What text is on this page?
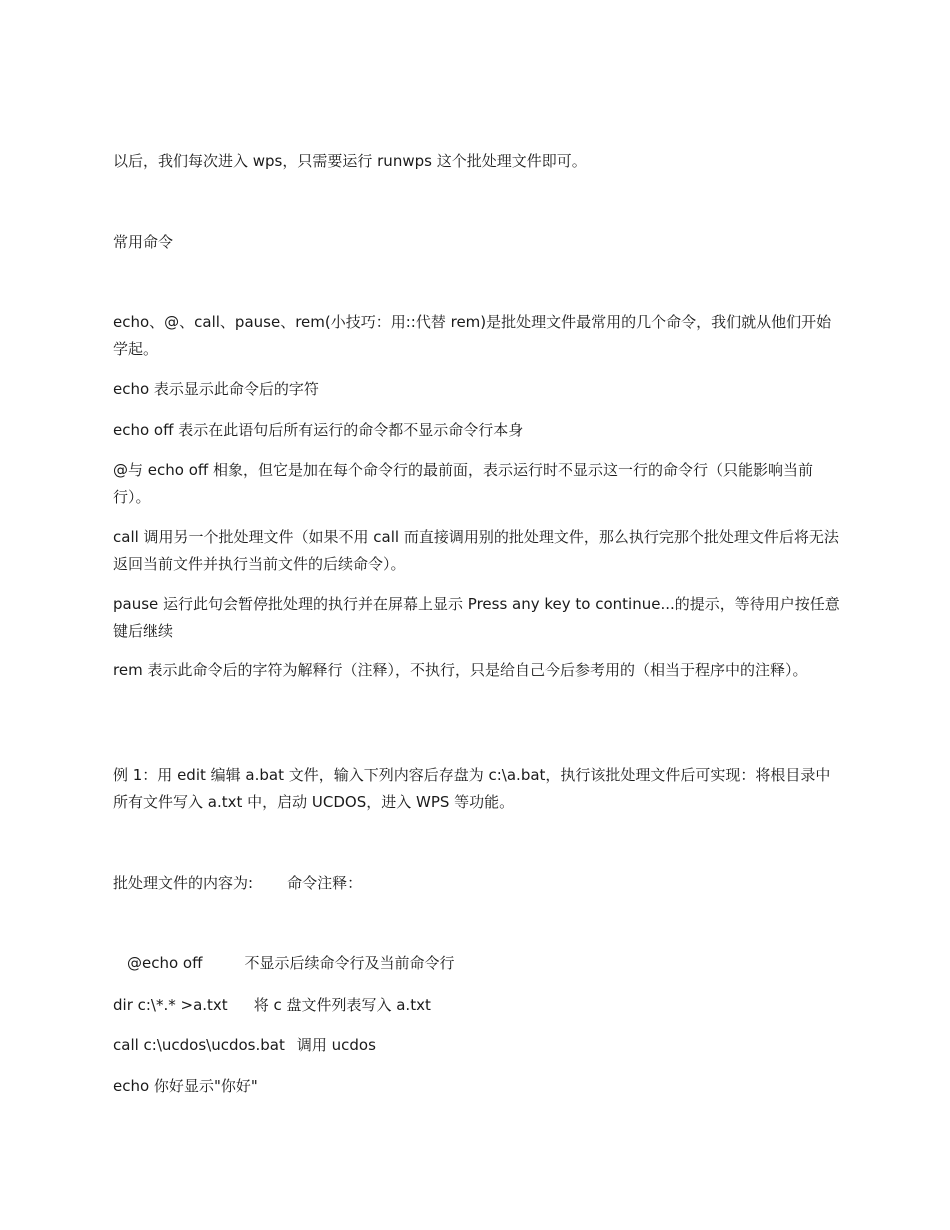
以后，我们每次进入 wps，只需要运行 runwps 这个批处理文件即可。
常用命令
echo、@、call、pause、rem(小技巧：用::代替 rem)是批处理文件最常用的几个命令，我们就从他们开始学起。
echo 表示显示此命令后的字符
echo off 表示在此语句后所有运行的命令都不显示命令行本身
@与 echo off 相象，但它是加在每个命令行的最前面，表示运行时不显示这一行的命令行（只能影响当前行）。
call 调用另一个批处理文件（如果不用 call 而直接调用别的批处理文件，那么执行完那个批处理文件后将无法返回当前文件并执行当前文件的后续命令）。
pause 运行此句会暂停批处理的执行并在屏幕上显示 Press any key to continue...的提示，等待用户按任意键后继续
rem 表示此命令后的字符为解释行（注释），不执行，只是给自己今后参考用的（相当于程序中的注释）。
例 1：用 edit 编辑 a.bat 文件，输入下列内容后存盘为 c:\a.bat，执行该批处理文件后可实现：将根目录中所有文件写入 a.txt 中，启动 UCDOS，进入 WPS 等功能。
批处理文件的内容为: 命令注释：
@echo off	不显示后续命令行及当前命令行
dir c:\*.* >a.txt 将 c 盘文件列表写入 a.txt
call c:\ucdos\ucdos.bat 调用 ucdos
echo 你好显示"你好"
